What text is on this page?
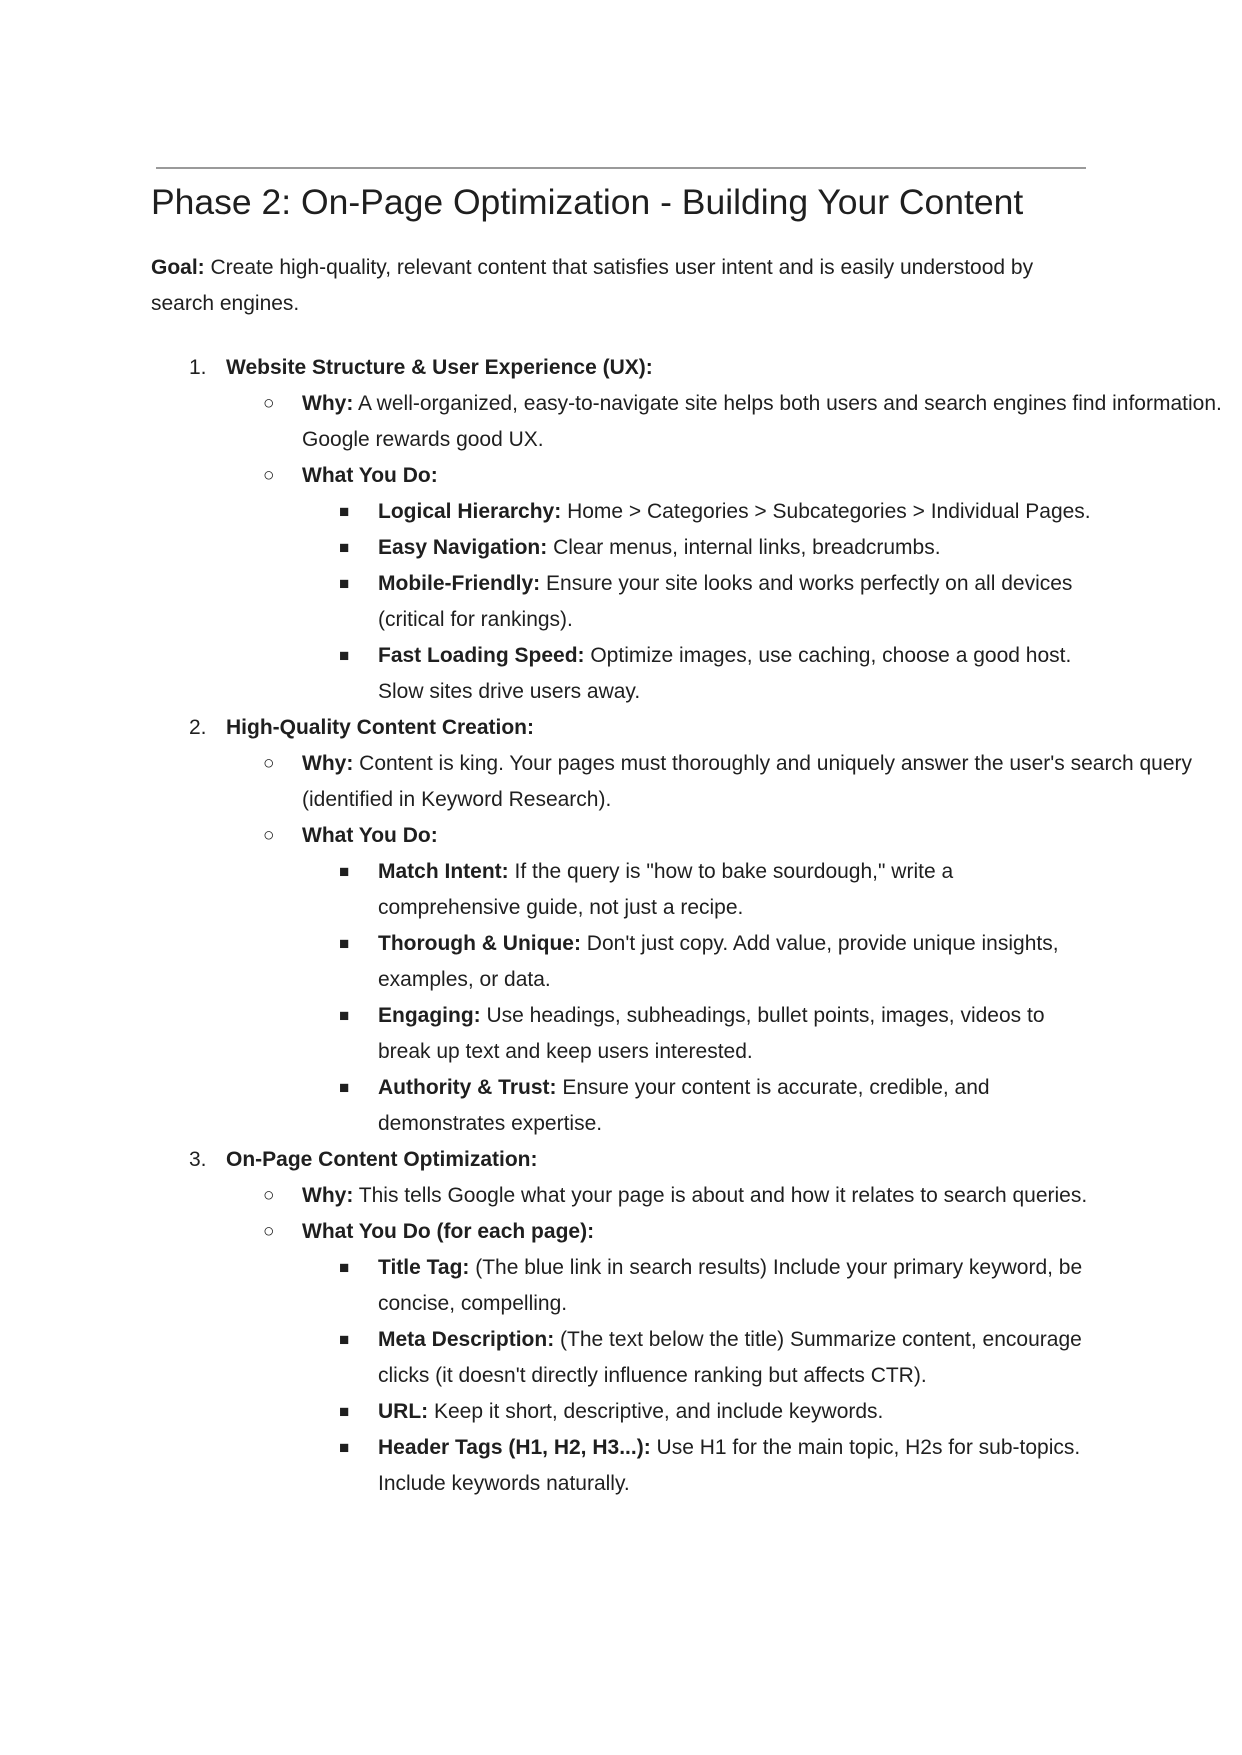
Phase 2: On-Page Optimization - Building Your Content

Goal: Create high-quality, relevant content that satisfies user intent and is easily understood by search engines.

1. Website Structure & User Experience (UX):
○ Why: A well-organized, easy-to-navigate site helps both users and search engines find information. Google rewards good UX.
○ What You Do:
■ Logical Hierarchy: Home > Categories > Subcategories > Individual Pages.
■ Easy Navigation: Clear menus, internal links, breadcrumbs.
■ Mobile-Friendly: Ensure your site looks and works perfectly on all devices (critical for rankings).
■ Fast Loading Speed: Optimize images, use caching, choose a good host. Slow sites drive users away.
2. High-Quality Content Creation:
○ Why: Content is king. Your pages must thoroughly and uniquely answer the user's search query (identified in Keyword Research).
○ What You Do:
■ Match Intent: If the query is "how to bake sourdough," write a comprehensive guide, not just a recipe.
■ Thorough & Unique: Don't just copy. Add value, provide unique insights, examples, or data.
■ Engaging: Use headings, subheadings, bullet points, images, videos to break up text and keep users interested.
■ Authority & Trust: Ensure your content is accurate, credible, and demonstrates expertise.
3. On-Page Content Optimization:
○ Why: This tells Google what your page is about and how it relates to search queries.
○ What You Do (for each page):
■ Title Tag: (The blue link in search results) Include your primary keyword, be concise, compelling.
■ Meta Description: (The text below the title) Summarize content, encourage clicks (it doesn't directly influence ranking but affects CTR).
■ URL: Keep it short, descriptive, and include keywords.
■ Header Tags (H1, H2, H3...): Use H1 for the main topic, H2s for sub-topics. Include keywords naturally.
